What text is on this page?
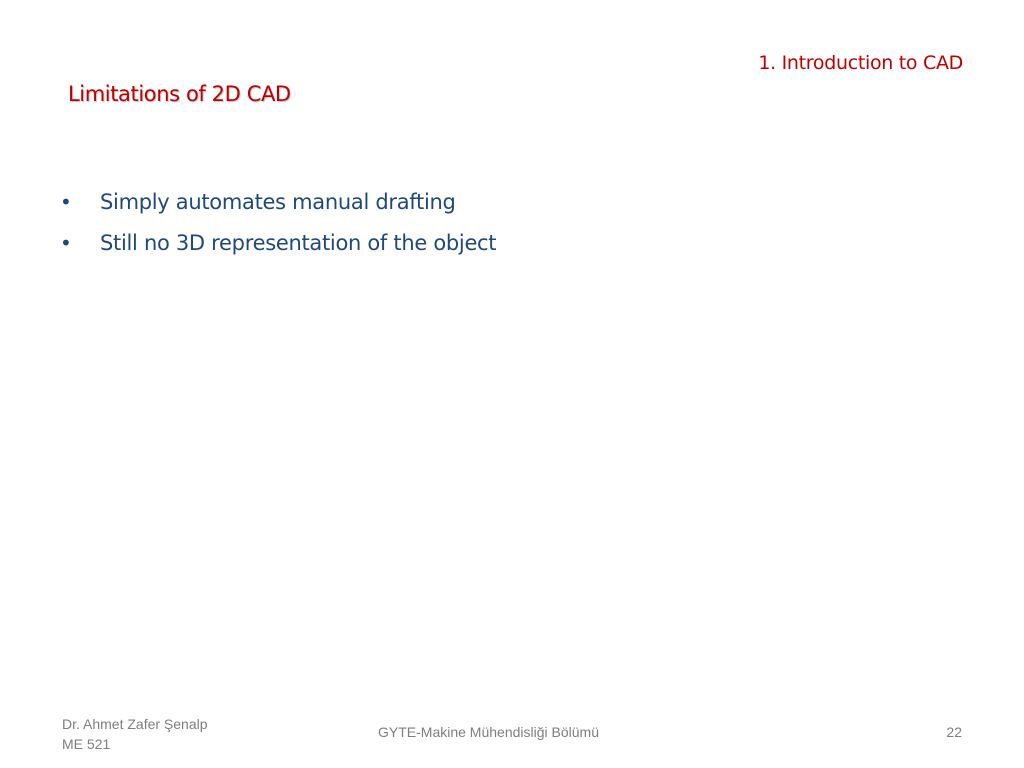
1. Introduction to CAD
Limitations of 2D CAD
• Simply automates manual drafting
• Still no 3D representation of the object
Dr. Ahmet Zafer Şenalp
ME 521
GYTE-Makine Mühendisliği Bölümü	22
